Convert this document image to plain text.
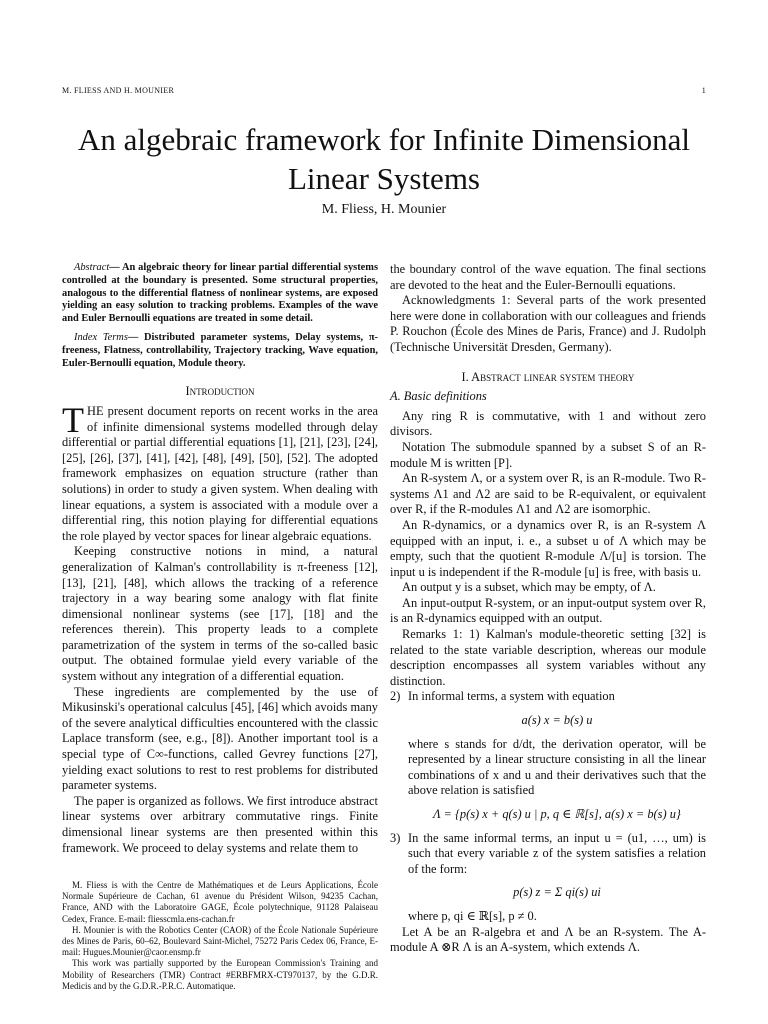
M. FLIESS AND H. MOUNIER	1
An algebraic framework for Infinite Dimensional
Linear Systems
M. Fliess, H. Mounier

Abstract— An algebraic theory for linear partial differential systems controlled at the boundary is presented. Some structural properties, analogous to the differential flatness of nonlinear systems, are exposed yielding an easy solution to tracking problems. Examples of the wave and Euler Bernoulli equations are treated in some detail.

Index Terms— Distributed parameter systems, Delay systems, π-freeness, Flatness, controllability, Trajectory tracking, Wave equation, Euler-Bernoulli equation, Module theory.

Introduction

THE present document reports on recent works in the area of infinite dimensional systems modelled through delay differential or partial differential equations [1], [21], [23], [24], [25], [26], [37], [41], [42], [48], [49], [50], [52]. The adopted framework emphasizes on equation structure (rather than solutions) in order to study a given system. When dealing with linear equations, a system is associated with a module over a differential ring, this notion playing for differential equations the role played by vector spaces for linear algebraic equations.

Keeping constructive notions in mind, a natural generalization of Kalman's controllability is π-freeness [12], [13], [21], [48], which allows the tracking of a reference trajectory in a way bearing some analogy with flat finite dimensional nonlinear systems (see [17], [18] and the references therein). This property leads to a complete parametrization of the system in terms of the so-called basic output. The obtained formulae yield every variable of the system without any integration of a differential equation.

These ingredients are complemented by the use of Mikusinski's operational calculus [45], [46] which avoids many of the severe analytical difficulties encountered with the classic Laplace transform (see, e.g., [8]). Another important tool is a special type of C∞-functions, called Gevrey functions [27], yielding exact solutions to rest to rest problems for distributed parameter systems.

The paper is organized as follows. We first introduce abstract linear systems over arbitrary commutative rings. Finite dimensional linear systems are then presented within this framework. We proceed to delay systems and relate them to

M. Fliess is with the Centre de Mathématiques et de Leurs Applications, École Normale Supérieure de Cachan, 61 avenue du Président Wilson, 94235 Cachan, France, AND with the Laboratoire GAGE, École polytechnique, 91128 Palaiseau Cedex, France. E-mail: fliesscmla.ens-cachan.fr

H. Mounier is with the Robotics Center (CAOR) of the École Nationale Supérieure des Mines de Paris, 60–62, Boulevard Saint-Michel, 75272 Paris Cedex 06, France, E-mail: Hugues.Mounier@caor.ensmp.fr

This work was partially supported by the European Commission's Training and Mobility of Researchers (TMR) Contract #ERBFMRX-CT970137, by the G.D.R. Medicis and by the G.D.R.-P.R.C. Automatique.

the boundary control of the wave equation. The final sections are devoted to the heat and the Euler-Bernoulli equations.

Acknowledgments 1: Several parts of the work presented here were done in collaboration with our colleagues and friends P. Rouchon (École des Mines de Paris, France) and J. Rudolph (Technische Universität Dresden, Germany).

I. Abstract linear system theory
A. Basic definitions

Any ring R is commutative, with 1 and without zero divisors.

Notation The submodule spanned by a subset S of an R-module M is written [P].

An R-system Λ, or a system over R, is an R-module. Two R-systems Λ1 and Λ2 are said to be R-equivalent, or equivalent over R, if the R-modules Λ1 and Λ2 are isomorphic.

An R-dynamics, or a dynamics over R, is an R-system Λ equipped with an input, i. e., a subset u of Λ which may be empty, such that the quotient R-module Λ/[u] is torsion. The input u is independent if the R-module [u] is free, with basis u.

An output y is a subset, which may be empty, of Λ.

An input-output R-system, or an input-output system over R, is an R-dynamics equipped with an output.

Remarks 1: 1) Kalman's module-theoretic setting [32] is related to the state variable description, whereas our module description encompasses all system variables without any distinction.

2) In informal terms, a system with equation

a(s) x = b(s) u

where s stands for d/dt, the derivation operator, will be represented by a linear structure consisting in all the linear combinations of x and u and their derivatives such that the above relation is satisfied

Λ = {p(s) x + q(s) u | p, q ∈ ℝ[s], a(s) x = b(s) u}
3) In the same informal terms, an input u = (u1, …, um) is such that every variable z of the system satisfies a relation of the form:

p(s) z = Σ qi(s) ui

where p, qi ∈ ℝ[s], p ≠ 0.

Let A be an R-algebra et and Λ be an R-system. The A-module A ⊗R Λ is an A-system, which extends Λ.
